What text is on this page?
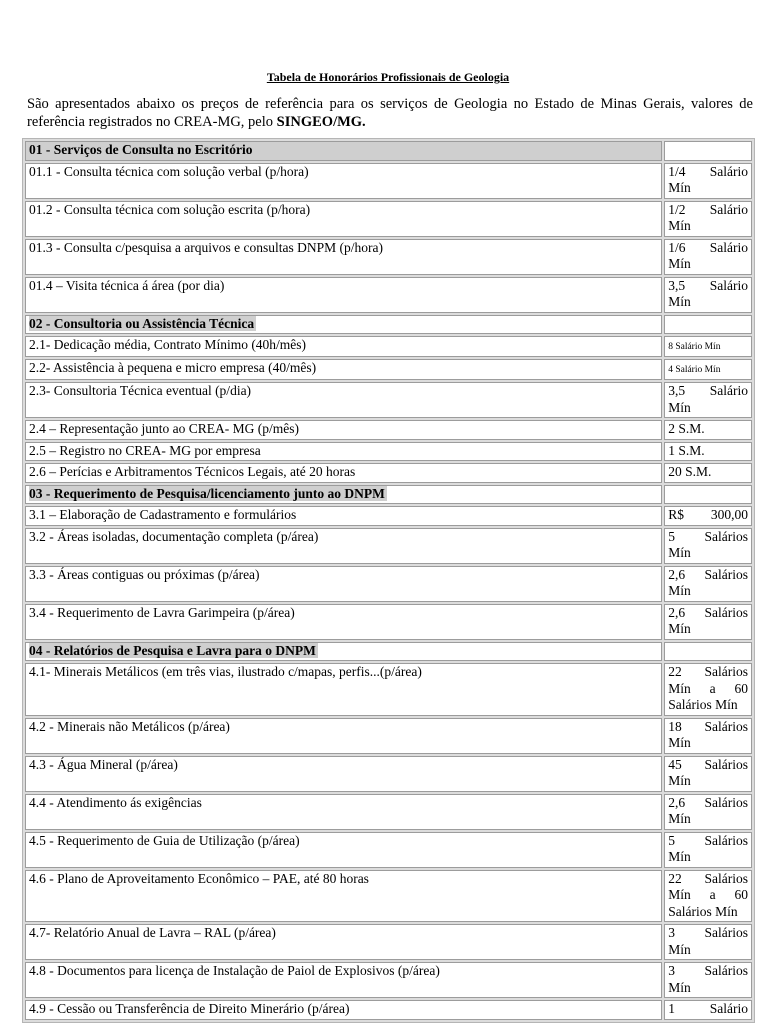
Tabela de Honorários Profissionais de Geologia
São apresentados abaixo os preços de referência para os serviços de Geologia no Estado de Minas Gerais, valores de referência registrados no CREA-MG, pelo SINGEO/MG.
01 - Serviços de Consulta no Escritório	
01.1 - Consulta técnica com solução verbal (p/hora)	1/4 Salário
Mín

01.2 - Consulta técnica com solução escrita (p/hora)	1/2 Salário
Mín

01.3 - Consulta c/pesquisa a arquivos e consultas DNPM (p/hora)	1/6 Salário
Mín

01.4 – Visita técnica á área (por dia)	3,5 Salário
Mín

02 - Consultoria ou Assistência Técnica	
2.1- Dedicação média, Contrato Mínimo (40h/mês)	8 Salário Mín
2.2- Assistência à pequena e micro empresa (40/mês)	4 Salário Mín
2.3- Consultoria Técnica eventual (p/dia)	3,5 Salário
Mín

2.4 – Representação junto ao CREA- MG (p/mês)	2 S.M.
2.5 – Registro no CREA- MG por empresa	1 S.M.
2.6 – Perícias e Arbitramentos Técnicos Legais, até 20 horas	20 S.M.
03 - Requerimento de Pesquisa/licenciamento junto ao DNPM	
3.1 – Elaboração de Cadastramento e formulários	R$ 300,00

3.2 - Áreas isoladas, documentação completa (p/área)	5 Salários
Mín

3.3 - Áreas contiguas ou próximas (p/área)	2,6 Salários
Mín

3.4 - Requerimento de Lavra Garimpeira (p/área)	2,6 Salários
Mín

04 - Relatórios de Pesquisa e Lavra para o DNPM	
4.1- Minerais Metálicos (em três vias, ilustrado c/mapas, perfis...(p/área)	22 Salários
Mín a 60
Salários Mín

4.2 - Minerais não Metálicos (p/área)	18 Salários
Mín

4.3 - Água Mineral (p/área)	45 Salários
Mín

4.4 - Atendimento ás exigências	2,6 Salários
Mín

4.5 - Requerimento de Guia de Utilização (p/área)	5 Salários
Mín

4.6 - Plano de Aproveitamento Econômico – PAE, até 80 horas	22 Salários
Mín a 60
Salários Mín

4.7- Relatório Anual de Lavra – RAL (p/área)	3 Salários
Mín

4.8 - Documentos para licença de Instalação de Paiol de Explosivos (p/área)	3 Salários
Mín

4.9 - Cessão ou Transferência de Direito Minerário (p/área)	1 Salário
